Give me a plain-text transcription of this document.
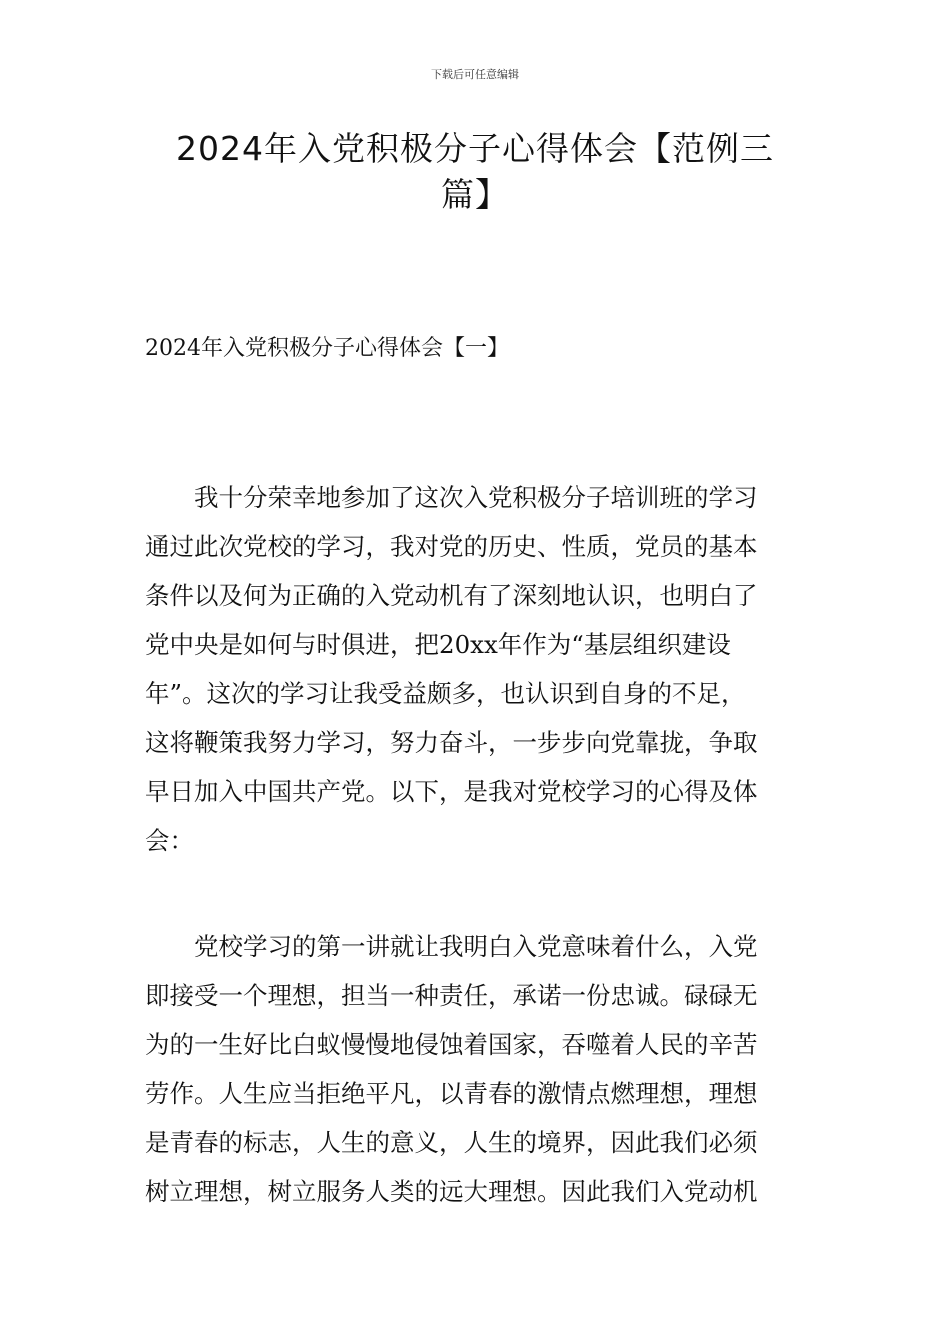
下载后可任意编辑
2024年入党积极分子心得体会【范例三
篇】
2024年入党积极分子心得体会【一】
　　我十分荣幸地参加了这次入党积极分子培训班的学习
通过此次党校的学习，我对党的历史、性质，党员的基本
条件以及何为正确的入党动机有了深刻地认识，也明白了
党中央是如何与时俱进，把20xx年作为“基层组织建设
年”。这次的学习让我受益颇多，也认识到自身的不足，
这将鞭策我努力学习，努力奋斗，一步步向党靠拢，争取
早日加入中国共产党。以下，是我对党校学习的心得及体
会：
　　党校学习的第一讲就让我明白入党意味着什么，入党
即接受一个理想，担当一种责任，承诺一份忠诚。碌碌无
为的一生好比白蚁慢慢地侵蚀着国家，吞噬着人民的辛苦
劳作。人生应当拒绝平凡，以青春的激情点燃理想，理想
是青春的标志，人生的意义，人生的境界，因此我们必须
树立理想，树立服务人类的远大理想。因此我们入党动机
